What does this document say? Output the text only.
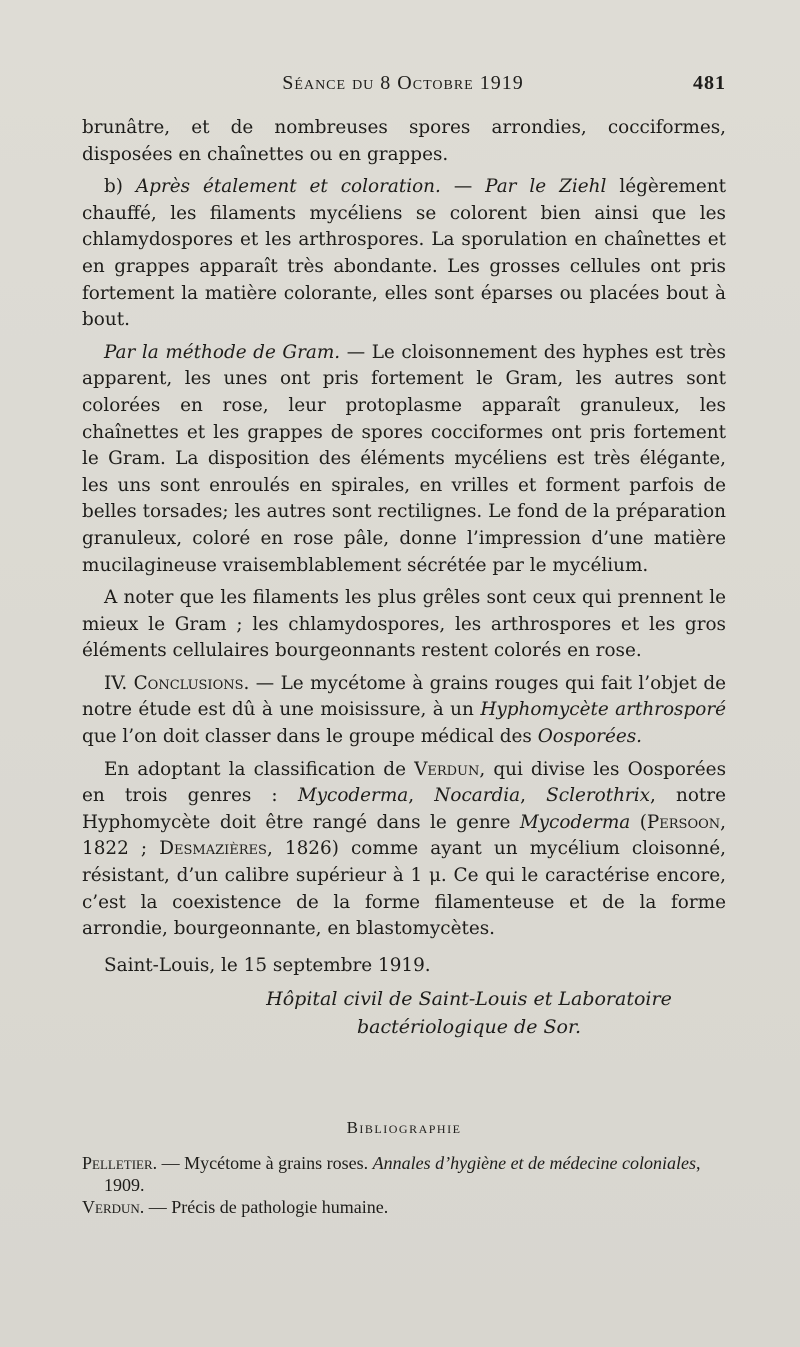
Séance du 8 Octobre 1919	481

brunâtre, et de nombreuses spores arrondies, cocciformes, disposées en chaînettes ou en grappes.

b) Après étalement et coloration. — Par le Ziehl légèrement chauffé, les filaments mycéliens se colorent bien ainsi que les chlamydospores et les arthrospores. La sporulation en chaînettes et en grappes apparaît très abondante. Les grosses cellules ont pris fortement la matière colorante, elles sont éparses ou placées bout à bout.

Par la méthode de Gram. — Le cloisonnement des hyphes est très apparent, les unes ont pris fortement le Gram, les autres sont colorées en rose, leur protoplasme apparaît granuleux, les chaînettes et les grappes de spores cocciformes ont pris fortement le Gram. La disposition des éléments mycéliens est très élégante, les uns sont enroulés en spirales, en vrilles et forment parfois de belles torsades; les autres sont rectilignes. Le fond de la préparation granuleux, coloré en rose pâle, donne l’impression d’une matière mucilagineuse vraisemblablement sécrétée par le mycélium.

A noter que les filaments les plus grêles sont ceux qui prennent le mieux le Gram ; les chlamydospores, les arthrospores et les gros éléments cellulaires bourgeonnants restent colorés en rose.

IV. Conclusions. — Le mycétome à grains rouges qui fait l’objet de notre étude est dû à une moisissure, à un Hyphomycète arthrosporé que l’on doit classer dans le groupe médical des Oosporées.

En adoptant la classification de Verdun, qui divise les Oosporées en trois genres : Mycoderma, Nocardia, Sclerothrix, notre Hyphomycète doit être rangé dans le genre Mycoderma (Persoon, 1822 ; Desmazières, 1826) comme ayant un mycélium cloisonné, résistant, d’un calibre supérieur à 1 μ. Ce qui le caractérise encore, c’est la coexistence de la forme filamenteuse et de la forme arrondie, bourgeonnante, en blastomycètes.

Saint-Louis, le 15 septembre 1919.

Hôpital civil de Saint-Louis et Laboratoire
bactériologique de Sor.
Bibliographie

Pelletier. — Mycétome à grains roses. Annales d’hygiène et de médecine coloniales, 1909.

Verdun. — Précis de pathologie humaine.
